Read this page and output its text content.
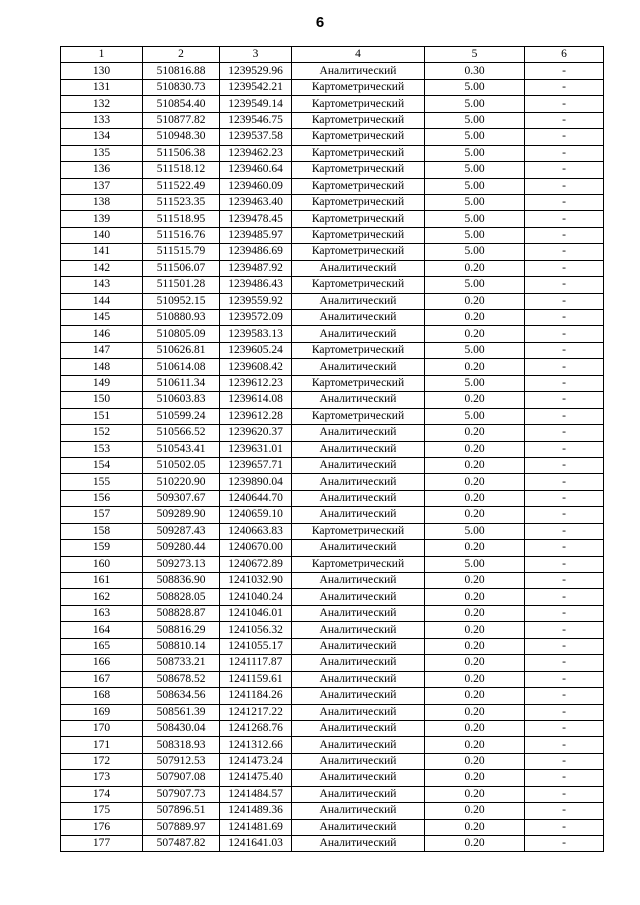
6
1	2	3	4	5	6
130	510816.88	1239529.96	Аналитический	0.30	-
131	510830.73	1239542.21	Картометрический	5.00	-
132	510854.40	1239549.14	Картометрический	5.00	-
133	510877.82	1239546.75	Картометрический	5.00	-
134	510948.30	1239537.58	Картометрический	5.00	-
135	511506.38	1239462.23	Картометрический	5.00	-
136	511518.12	1239460.64	Картометрический	5.00	-
137	511522.49	1239460.09	Картометрический	5.00	-
138	511523.35	1239463.40	Картометрический	5.00	-
139	511518.95	1239478.45	Картометрический	5.00	-
140	511516.76	1239485.97	Картометрический	5.00	-
141	511515.79	1239486.69	Картометрический	5.00	-
142	511506.07	1239487.92	Аналитический	0.20	-
143	511501.28	1239486.43	Картометрический	5.00	-
144	510952.15	1239559.92	Аналитический	0.20	-
145	510880.93	1239572.09	Аналитический	0.20	-
146	510805.09	1239583.13	Аналитический	0.20	-
147	510626.81	1239605.24	Картометрический	5.00	-
148	510614.08	1239608.42	Аналитический	0.20	-
149	510611.34	1239612.23	Картометрический	5.00	-
150	510603.83	1239614.08	Аналитический	0.20	-
151	510599.24	1239612.28	Картометрический	5.00	-
152	510566.52	1239620.37	Аналитический	0.20	-
153	510543.41	1239631.01	Аналитический	0.20	-
154	510502.05	1239657.71	Аналитический	0.20	-
155	510220.90	1239890.04	Аналитический	0.20	-
156	509307.67	1240644.70	Аналитический	0.20	-
157	509289.90	1240659.10	Аналитический	0.20	-
158	509287.43	1240663.83	Картометрический	5.00	-
159	509280.44	1240670.00	Аналитический	0.20	-
160	509273.13	1240672.89	Картометрический	5.00	-
161	508836.90	1241032.90	Аналитический	0.20	-
162	508828.05	1241040.24	Аналитический	0.20	-
163	508828.87	1241046.01	Аналитический	0.20	-
164	508816.29	1241056.32	Аналитический	0.20	-
165	508810.14	1241055.17	Аналитический	0.20	-
166	508733.21	1241117.87	Аналитический	0.20	-
167	508678.52	1241159.61	Аналитический	0.20	-
168	508634.56	1241184.26	Аналитический	0.20	-
169	508561.39	1241217.22	Аналитический	0.20	-
170	508430.04	1241268.76	Аналитический	0.20	-
171	508318.93	1241312.66	Аналитический	0.20	-
172	507912.53	1241473.24	Аналитический	0.20	-
173	507907.08	1241475.40	Аналитический	0.20	-
174	507907.73	1241484.57	Аналитический	0.20	-
175	507896.51	1241489.36	Аналитический	0.20	-
176	507889.97	1241481.69	Аналитический	0.20	-
177	507487.82	1241641.03	Аналитический	0.20	-
